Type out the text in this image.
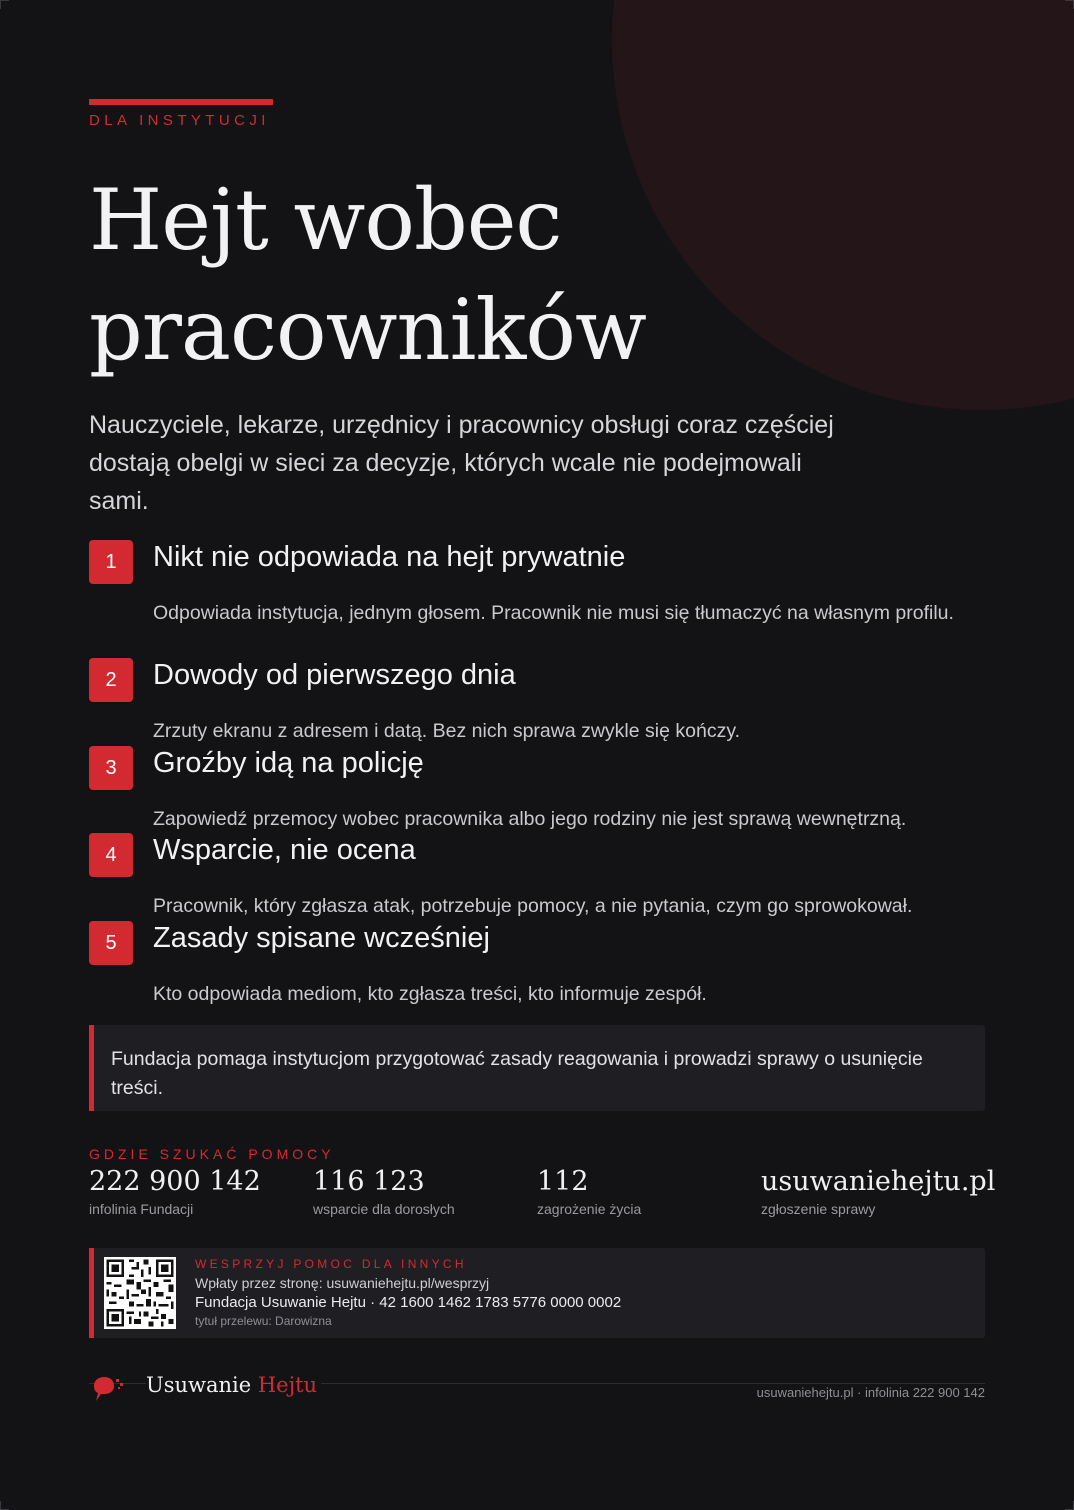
DLA INSTYTUCJI
Hejt wobec
pracowników
Nauczyciele, lekarze, urzędnicy i pracownicy obsługi coraz częściej dostają obelgi w sieci za decyzje, których wcale nie podejmowali sami.
1	Nikt nie odpowiada na hejt prywatnie
Odpowiada instytucja, jednym głosem. Pracownik nie musi się tłumaczyć na własnym profilu.
2	Dowody od pierwszego dnia
Zrzuty ekranu z adresem i datą. Bez nich sprawa zwykle się kończy.
3	Groźby idą na policję
Zapowiedź przemocy wobec pracownika albo jego rodziny nie jest sprawą wewnętrzną.
4	Wsparcie, nie ocena
Pracownik, który zgłasza atak, potrzebuje pomocy, a nie pytania, czym go sprowokował.
5	Zasady spisane wcześniej
Kto odpowiada mediom, kto zgłasza treści, kto informuje zespół.
Fundacja pomaga instytucjom przygotować zasady reagowania i prowadzi sprawy o usunięcie treści.
GDZIE SZUKAĆ POMOCY
222 900 142
infolinia Fundacji
116 123
wsparcie dla dorosłych
112
zagrożenie życia
usuwaniehejtu.pl
zgłoszenie sprawy
WESPRZYJ POMOC DLA INNYCH
Wpłaty przez stronę: usuwaniehejtu.pl/wesprzyj
Fundacja Usuwanie Hejtu · 42 1600 1462 1783 5776 0000 0002
tytuł przelewu: Darowizna
Usuwanie Hejtu	usuwaniehejtu.pl · infolinia 222 900 142
